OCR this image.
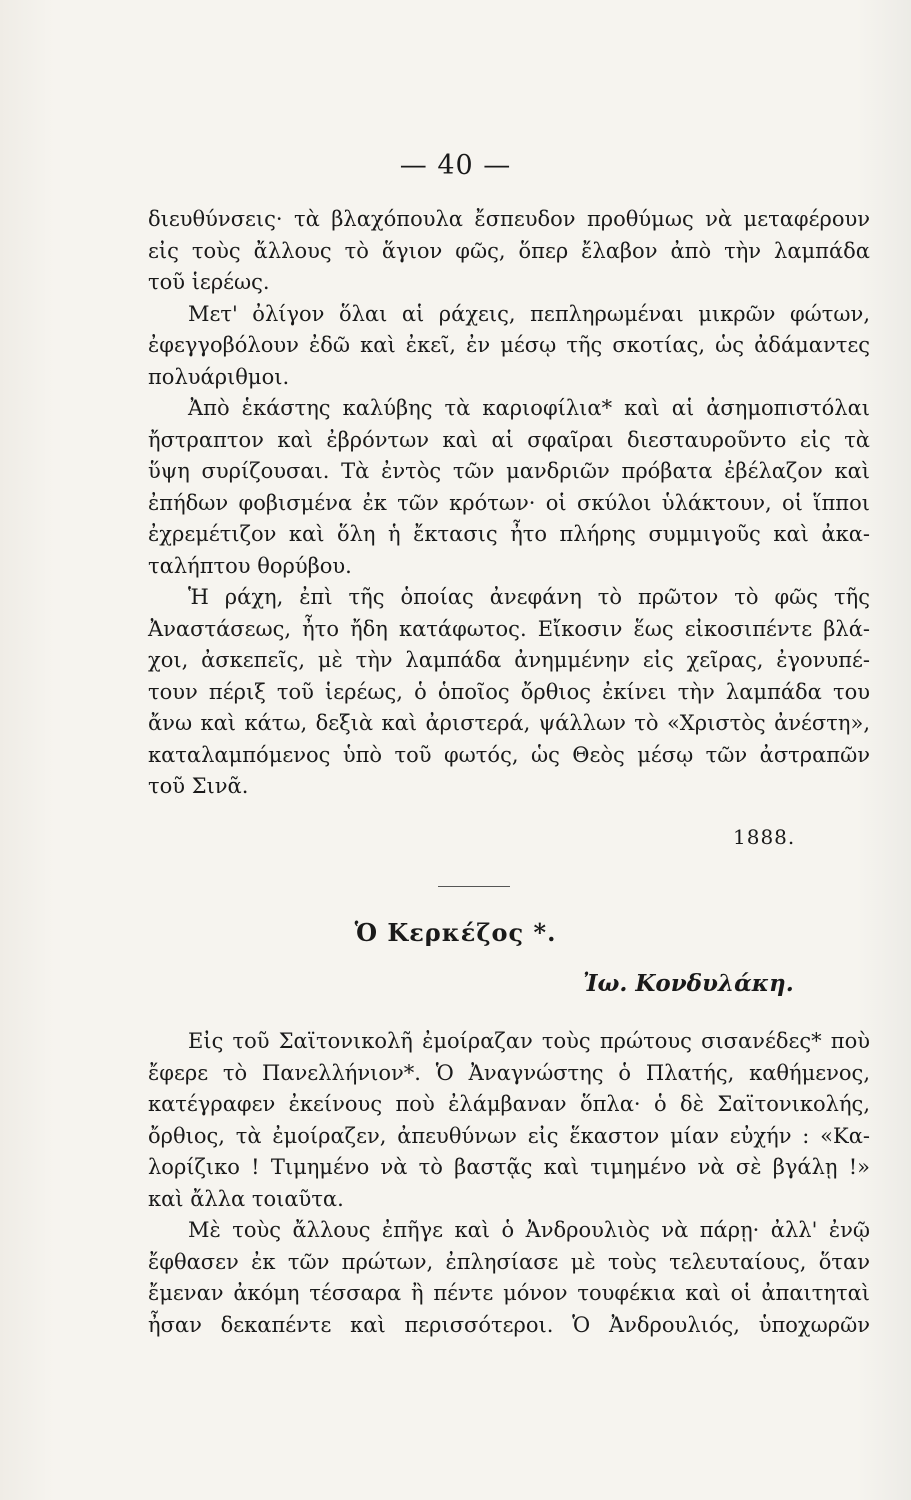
— 40 —
διευθύνσεις· τὰ βλαχόπουλα ἔσπευδον προθύμως νὰ μεταφέρουν
εἰς τοὺς ἄλλους τὸ ἅγιον φῶς, ὅπερ ἔλαβον ἀπὸ τὴν λαμπάδα
τοῦ ἱερέως.
Μετ' ὀλίγον ὅλαι αἱ ράχεις, πεπληρωμέναι μικρῶν φώτων,
ἐφεγγοβόλουν ἐδῶ καὶ ἐκεῖ, ἐν μέσῳ τῆς σκοτίας, ὡς ἀδάμαντες
πολυάριθμοι.
Ἀπὸ ἑκάστης καλύβης τὰ καριοφίλια* καὶ αἱ ἀσημοπιστόλαι
ἤστραπτον καὶ ἐβρόντων καὶ αἱ σφαῖραι διεσταυροῦντο εἰς τὰ
ὕψη συρίζουσαι. Τὰ ἐντὸς τῶν μανδριῶν πρόβατα ἐβέλαζον καὶ
ἐπήδων φοβισμένα ἐκ τῶν κρότων· οἱ σκύλοι ὑλάκτουν, οἱ ἵπποι
ἐχρεμέτιζον καὶ ὅλη ἡ ἔκτασις ἦτο πλήρης συμμιγοῦς καὶ ἀκα-
ταλήπτου θορύβου.
Ἡ ράχη, ἐπὶ τῆς ὁποίας ἀνεφάνη τὸ πρῶτον τὸ φῶς τῆς
Ἀναστάσεως, ἦτο ἤδη κατάφωτος. Εἴκοσιν ἕως εἰκοσιπέντε βλά-
χοι, ἀσκεπεῖς, μὲ τὴν λαμπάδα ἀνημμένην εἰς χεῖρας, ἐγονυπέ-
τουν πέριξ τοῦ ἱερέως, ὁ ὁποῖος ὄρθιος ἐκίνει τὴν λαμπάδα του
ἄνω καὶ κάτω, δεξιὰ καὶ ἀριστερά, ψάλλων τὸ «Χριστὸς ἀνέστη»,
καταλαμπόμενος ὑπὸ τοῦ φωτός, ὡς Θεὸς μέσῳ τῶν ἀστραπῶν
τοῦ Σινᾶ.
1888.
Ὁ Κερκέζος *.
Ἰω. Κονδυλάκη.
Εἰς τοῦ Σαϊτονικολῆ ἐμοίραζαν τοὺς πρώτους σισανέδες* ποὺ
ἔφερε τὸ Πανελλήνιον*. Ὁ Ἀναγνώστης ὁ Πλατής, καθήμενος,
κατέγραφεν ἐκείνους ποὺ ἐλάμβαναν ὅπλα· ὁ δὲ Σαϊτονικολής,
ὄρθιος, τὰ ἐμοίραζεν, ἀπευθύνων εἰς ἕκαστον μίαν εὐχήν : «Κα-
λορίζικο ! Τιμημένο νὰ τὸ βαστᾷς καὶ τιμημένο νὰ σὲ βγάλῃ !»
καὶ ἄλλα τοιαῦτα.
Μὲ τοὺς ἄλλους ἐπῆγε καὶ ὁ Ἀνδρουλιὸς νὰ πάρῃ· ἀλλ' ἐνῷ
ἔφθασεν ἐκ τῶν πρώτων, ἐπλησίασε μὲ τοὺς τελευταίους, ὅταν
ἔμεναν ἀκόμη τέσσαρα ἢ πέντε μόνον τουφέκια καὶ οἱ ἀπαιτηταὶ
ἦσαν δεκαπέντε καὶ περισσότεροι. Ὁ Ἀνδρουλιός, ὑποχωρῶν
